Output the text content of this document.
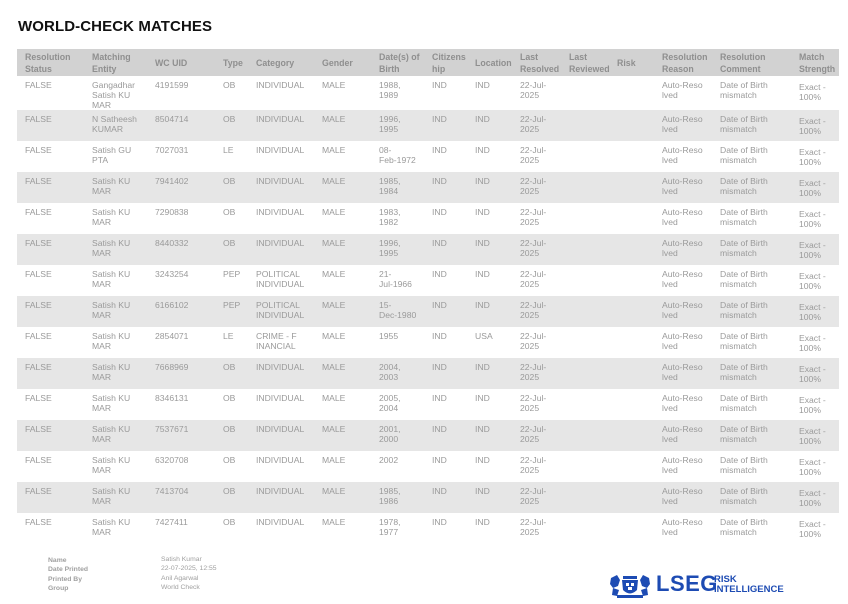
WORLD-CHECK MATCHES
Resolution
Status	Matching
Entity	WC UID	Type	Category	Gender	Date(s) of
Birth	Citizens
hip	Location	Last
Resolved	Last
Reviewed	Risk	Resolution
Reason	Resolution
Comment	Match
Strength
FALSE	Gangadhar
Satish KU
MAR	4191599	OB	INDIVIDUAL	MALE	1988,
1989	IND	IND	22-Jul-2025			Auto-Reso
lved	Date of Birth
mismatch	Exact -
100%
FALSE	N Satheesh
KUMAR	8504714	OB	INDIVIDUAL	MALE	1996,
1995	IND	IND	22-Jul-2025			Auto-Reso
lved	Date of Birth
mismatch	Exact -
100%
FALSE	Satish GU
PTA	7027031	LE	INDIVIDUAL	MALE	08-
Feb-1972	IND	IND	22-Jul-2025			Auto-Reso
lved	Date of Birth
mismatch	Exact -
100%
FALSE	Satish KU
MAR	7941402	OB	INDIVIDUAL	MALE	1985,
1984	IND	IND	22-Jul-2025			Auto-Reso
lved	Date of Birth
mismatch	Exact -
100%
FALSE	Satish KU
MAR	7290838	OB	INDIVIDUAL	MALE	1983,
1982	IND	IND	22-Jul-2025			Auto-Reso
lved	Date of Birth
mismatch	Exact -
100%
FALSE	Satish KU
MAR	8440332	OB	INDIVIDUAL	MALE	1996,
1995	IND	IND	22-Jul-2025			Auto-Reso
lved	Date of Birth
mismatch	Exact -
100%
FALSE	Satish KU
MAR	3243254	PEP	POLITICAL
INDIVIDUAL	MALE	21-
Jul-1966	IND	IND	22-Jul-2025			Auto-Reso
lved	Date of Birth
mismatch	Exact -
100%
FALSE	Satish KU
MAR	6166102	PEP	POLITICAL
INDIVIDUAL	MALE	15-
Dec-1980	IND	IND	22-Jul-2025			Auto-Reso
lved	Date of Birth
mismatch	Exact -
100%
FALSE	Satish KU
MAR	2854071	LE	CRIME - F
INANCIAL	MALE	1955	IND	USA	22-Jul-2025			Auto-Reso
lved	Date of Birth
mismatch	Exact -
100%
FALSE	Satish KU
MAR	7668969	OB	INDIVIDUAL	MALE	2004,
2003	IND	IND	22-Jul-2025			Auto-Reso
lved	Date of Birth
mismatch	Exact -
100%
FALSE	Satish KU
MAR	8346131	OB	INDIVIDUAL	MALE	2005,
2004	IND	IND	22-Jul-2025			Auto-Reso
lved	Date of Birth
mismatch	Exact -
100%
FALSE	Satish KU
MAR	7537671	OB	INDIVIDUAL	MALE	2001,
2000	IND	IND	22-Jul-2025			Auto-Reso
lved	Date of Birth
mismatch	Exact -
100%
FALSE	Satish KU
MAR	6320708	OB	INDIVIDUAL	MALE	2002	IND	IND	22-Jul-2025			Auto-Reso
lved	Date of Birth
mismatch	Exact -
100%
FALSE	Satish KU
MAR	7413704	OB	INDIVIDUAL	MALE	1985,
1986	IND	IND	22-Jul-2025			Auto-Reso
lved	Date of Birth
mismatch	Exact -
100%
FALSE	Satish KU
MAR	7427411	OB	INDIVIDUAL	MALE	1978,
1977	IND	IND	22-Jul-2025			Auto-Reso
lved	Date of Birth
mismatch	Exact -
100%
Name	Satish Kumar
Date Printed	22-07-2025, 12:55
Printed By	Anil Agarwal
Group	World Check	LSEG
RISK
INTELLIGENCE
